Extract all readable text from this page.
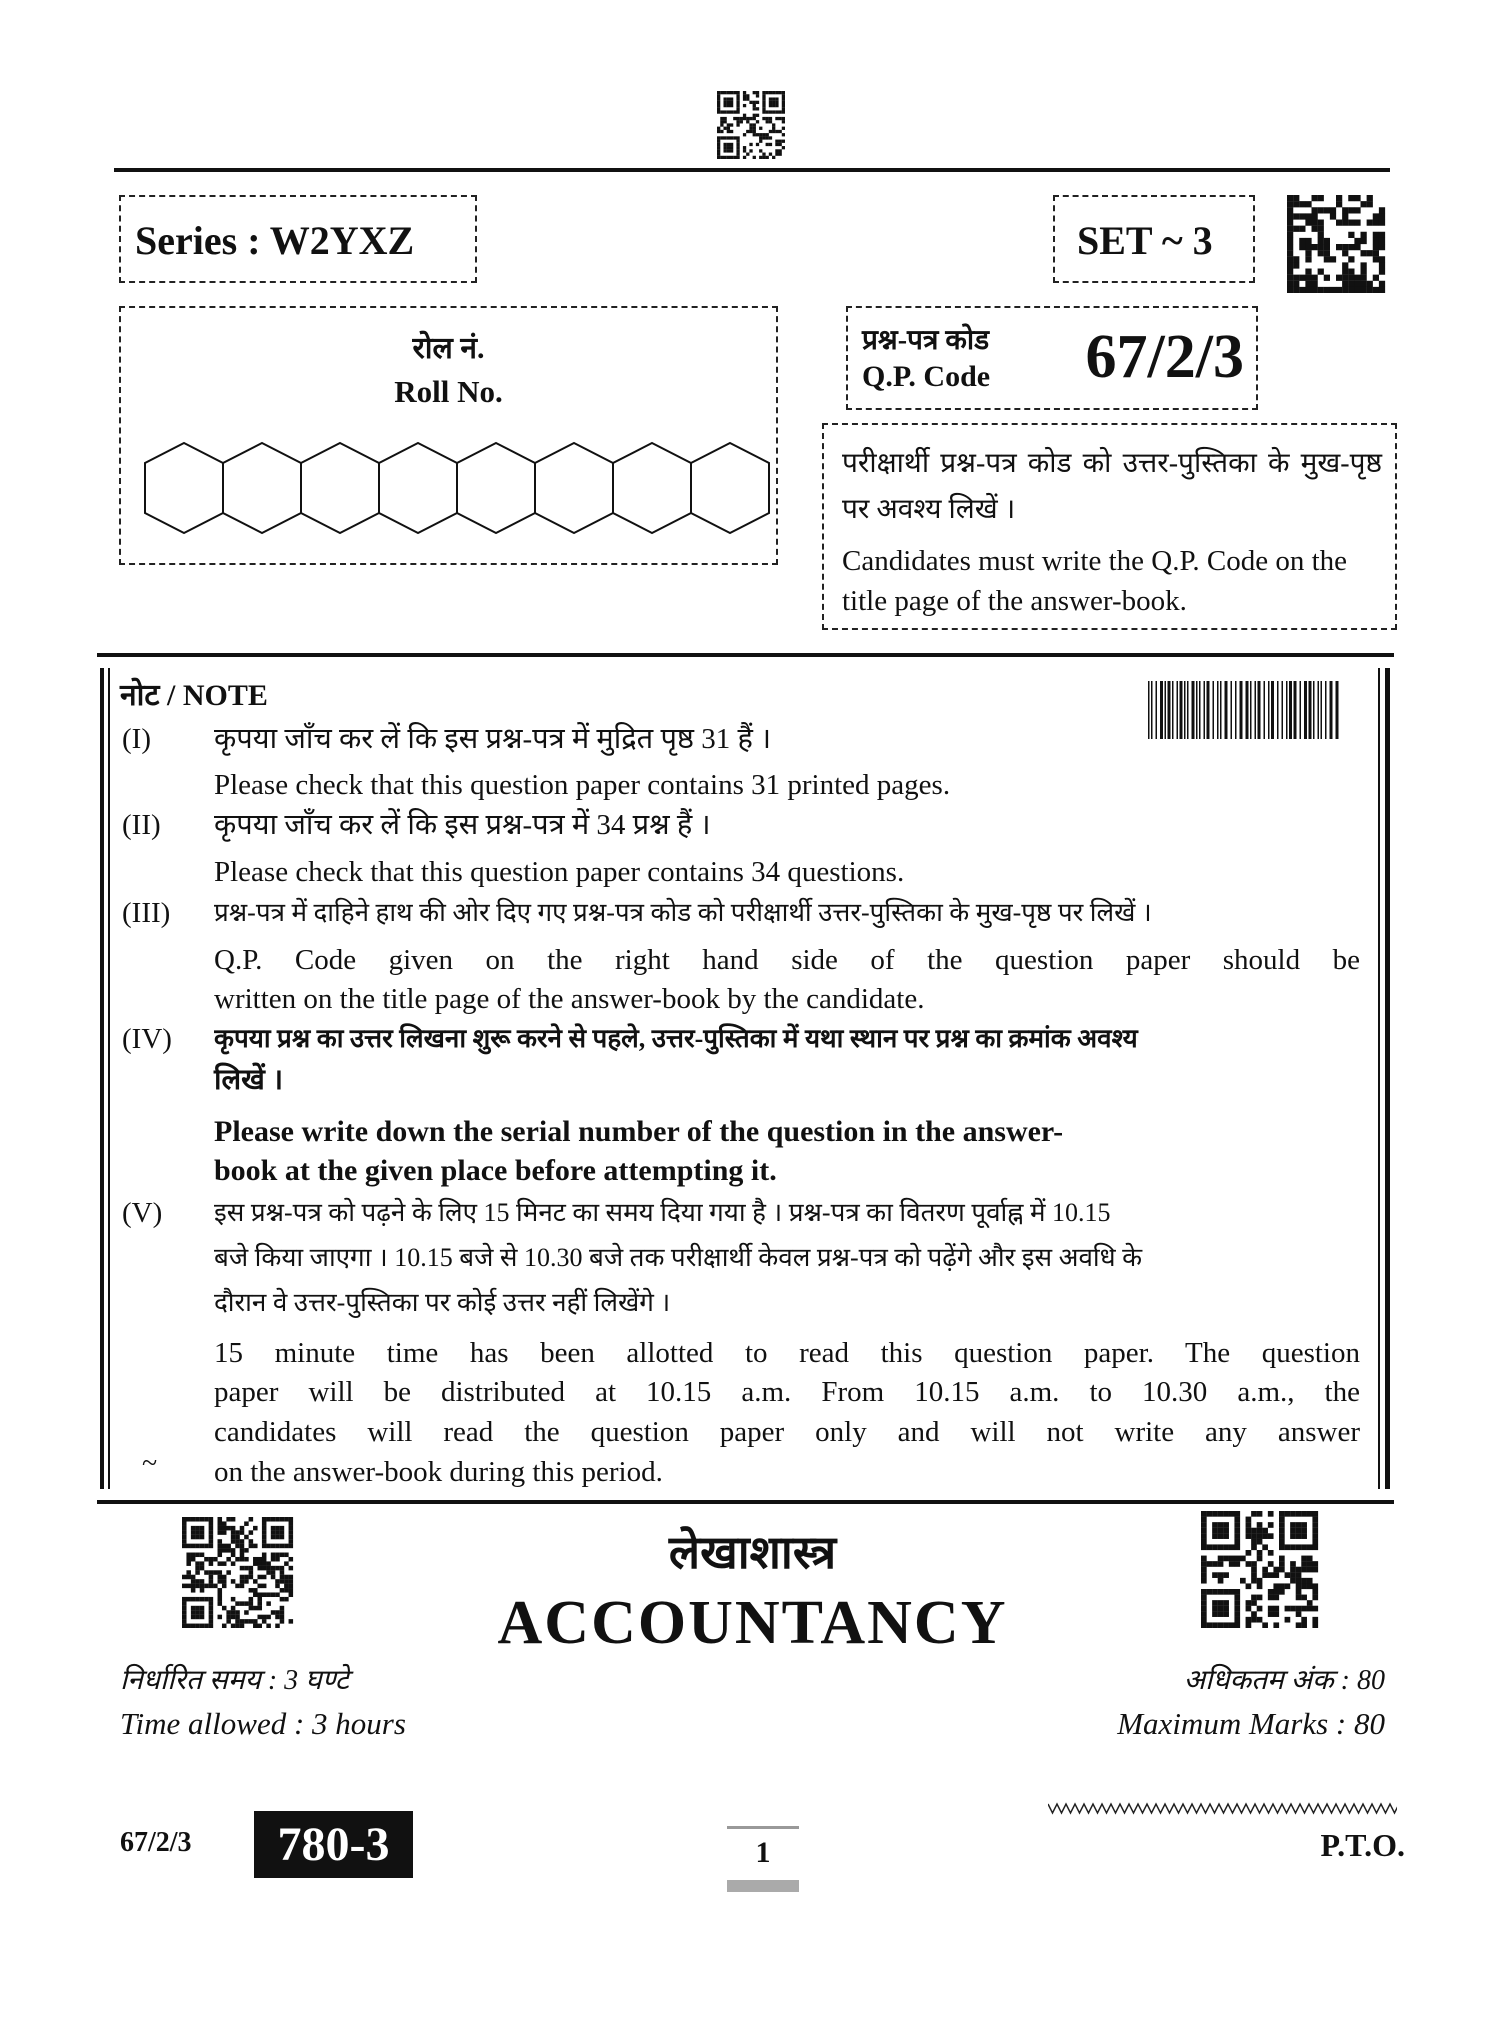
Series : W2YXZ	SET ~ 3
रोल नं.
Roll No.
प्रश्न-पत्र कोड
Q.P. Code 67/2/3
परीक्षार्थी प्रश्न-पत्र कोड को उत्तर-पुस्तिका के मुख-पृष्ठ पर अवश्य लिखें ।
Candidates must write the Q.P. Code on the title page of the answer-book.
नोट / NOTE
(I) कृपया जाँच कर लें कि इस प्रश्न-पत्र में मुद्रित पृष्ठ 31 हैं ।
Please check that this question paper contains 31 printed pages.
(II) कृपया जाँच कर लें कि इस प्रश्न-पत्र में 34 प्रश्न हैं ।
Please check that this question paper contains 34 questions.
(III) प्रश्न-पत्र में दाहिने हाथ की ओर दिए गए प्रश्न-पत्र कोड को परीक्षार्थी उत्तर-पुस्तिका के मुख-पृष्ठ पर लिखें ।
Q.P. Code given on the right hand side of the question paper should be
written on the title page of the answer-book by the candidate.
(IV) कृपया प्रश्न का उत्तर लिखना शुरू करने से पहले, उत्तर-पुस्तिका में यथा स्थान पर प्रश्न का क्रमांक अवश्य
लिखें ।
Please write down the serial number of the question in the answer-
book at the given place before attempting it.
(V) इस प्रश्न-पत्र को पढ़ने के लिए 15 मिनट का समय दिया गया है । प्रश्न-पत्र का वितरण पूर्वाह्न में 10.15
बजे किया जाएगा । 10.15 बजे से 10.30 बजे तक परीक्षार्थी केवल प्रश्न-पत्र को पढ़ेंगे और इस अवधि के
दौरान वे उत्तर-पुस्तिका पर कोई उत्तर नहीं लिखेंगे ।
15 minute time has been allotted to read this question paper. The question
paper will be distributed at 10.15 a.m. From 10.15 a.m. to 10.30 a.m., the
candidates will read the question paper only and will not write any answer
on the answer-book during this period.
~
लेखाशास्त्र
ACCOUNTANCY
निर्धारित समय : 3 घण्टे
Time allowed : 3 hours
अधिकतम अंक : 80
Maximum Marks : 80
67/2/3	780-3	1	P.T.O.
